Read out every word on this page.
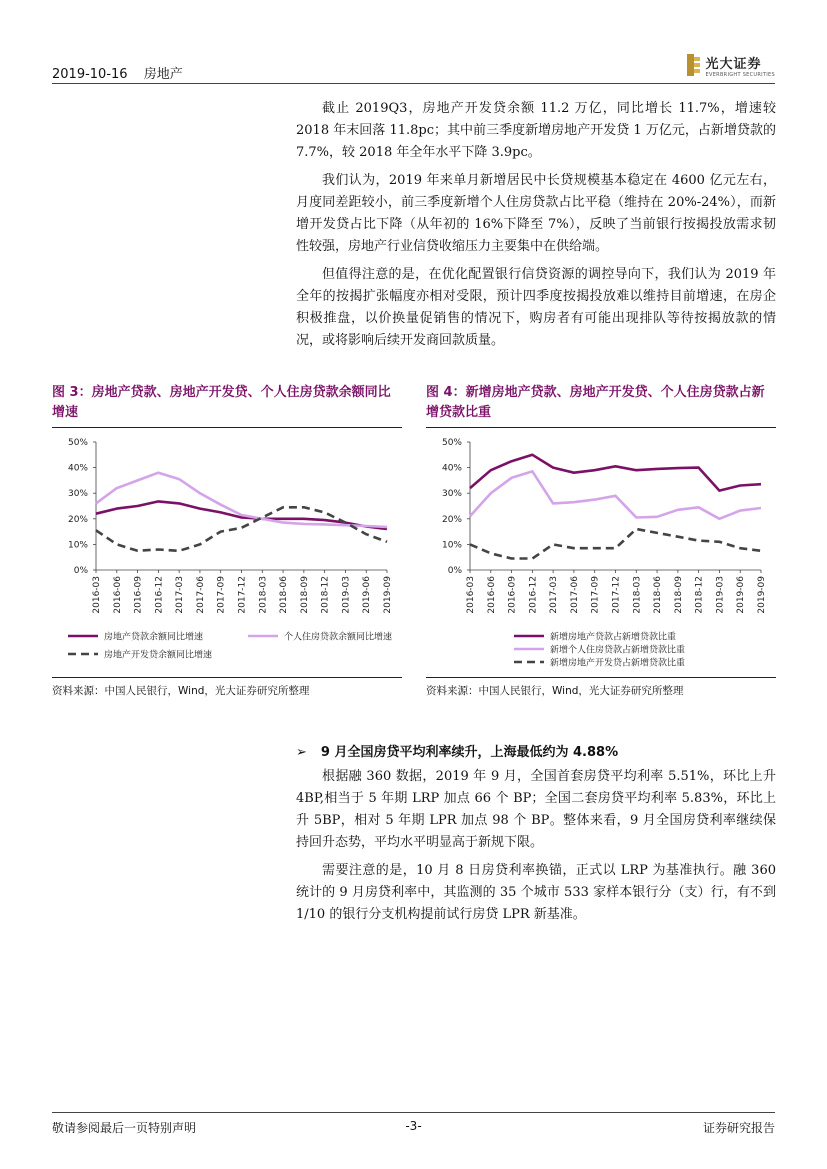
2019-10-16 房地产
光大证券
EVERBRIGHT SECURITIES

截止 2019Q3，房地产开发贷余额 11.2 万亿，同比增长 11.7%，增速较 2018 年末回落 11.8pc；其中前三季度新增房地产开发贷 1 万亿元，占新增贷款的 7.7%，较 2018 年全年水平下降 3.9pc。

我们认为，2019 年来单月新增居民中长贷规模基本稳定在 4600 亿元左右，月度同差距较小，前三季度新增个人住房贷款占比平稳（维持在 20%-24%），而新增开发贷占比下降（从年初的 16%下降至 7%），反映了当前银行按揭投放需求韧性较强，房地产行业信贷收缩压力主要集中在供给端。

但值得注意的是，在优化配置银行信贷资源的调控导向下，我们认为 2019 年全年的按揭扩张幅度亦相对受限，预计四季度按揭投放难以维持目前增速，在房企积极推盘，以价换量促销售的情况下，购房者有可能出现排队等待按揭放款的情况，或将影响后续开发商回款质量。

图 3：房地产贷款、房地产开发贷、个人住房贷款余额同比增速
0%
10%
20%
30%
40%
50%
2016-03 2016-06 2016-09 2016-12 2017-03 2017-06 2017-09 2017-12 2018-03 2018-06 2018-09 2018-12 2019-03 2019-06 2019-09
房地产贷款余额同比增速	个人住房贷款余额同比增速
房地产开发贷余额同比增速
资料来源：中国人民银行，Wind，光大证券研究所整理
图 4：新增房地产贷款、房地产开发贷、个人住房贷款占新增贷款比重
0%
10%
20%
30%
40%
50%
2016-03 2016-06 2016-09 2016-12 2017-03 2017-06 2017-09 2017-12 2018-03 2018-06 2018-09 2018-12 2019-03 2019-06 2019-09
新增房地产贷款占新增贷款比重
新增个人住房贷款占新增贷款比重
新增房地产开发贷占新增贷款比重
资料来源：中国人民银行，Wind，光大证券研究所整理
➢ 9 月全国房贷平均利率续升，上海最低约为 4.88%

根据融 360 数据，2019 年 9 月，全国首套房贷平均利率 5.51%，环比上升 4BP,相当于 5 年期 LRP 加点 66 个 BP；全国二套房贷平均利率 5.83%，环比上升 5BP，相对 5 年期 LPR 加点 98 个 BP。整体来看，9 月全国房贷利率继续保持回升态势，平均水平明显高于新规下限。

需要注意的是，10 月 8 日房贷利率换锚，正式以 LRP 为基准执行。融 360 统计的 9 月房贷利率中，其监测的 35 个城市 533 家样本银行分（支）行，有不到 1/10 的银行分支机构提前试行房贷 LPR 新基准。

敬请参阅最后一页特别声明	-3-	证券研究报告
